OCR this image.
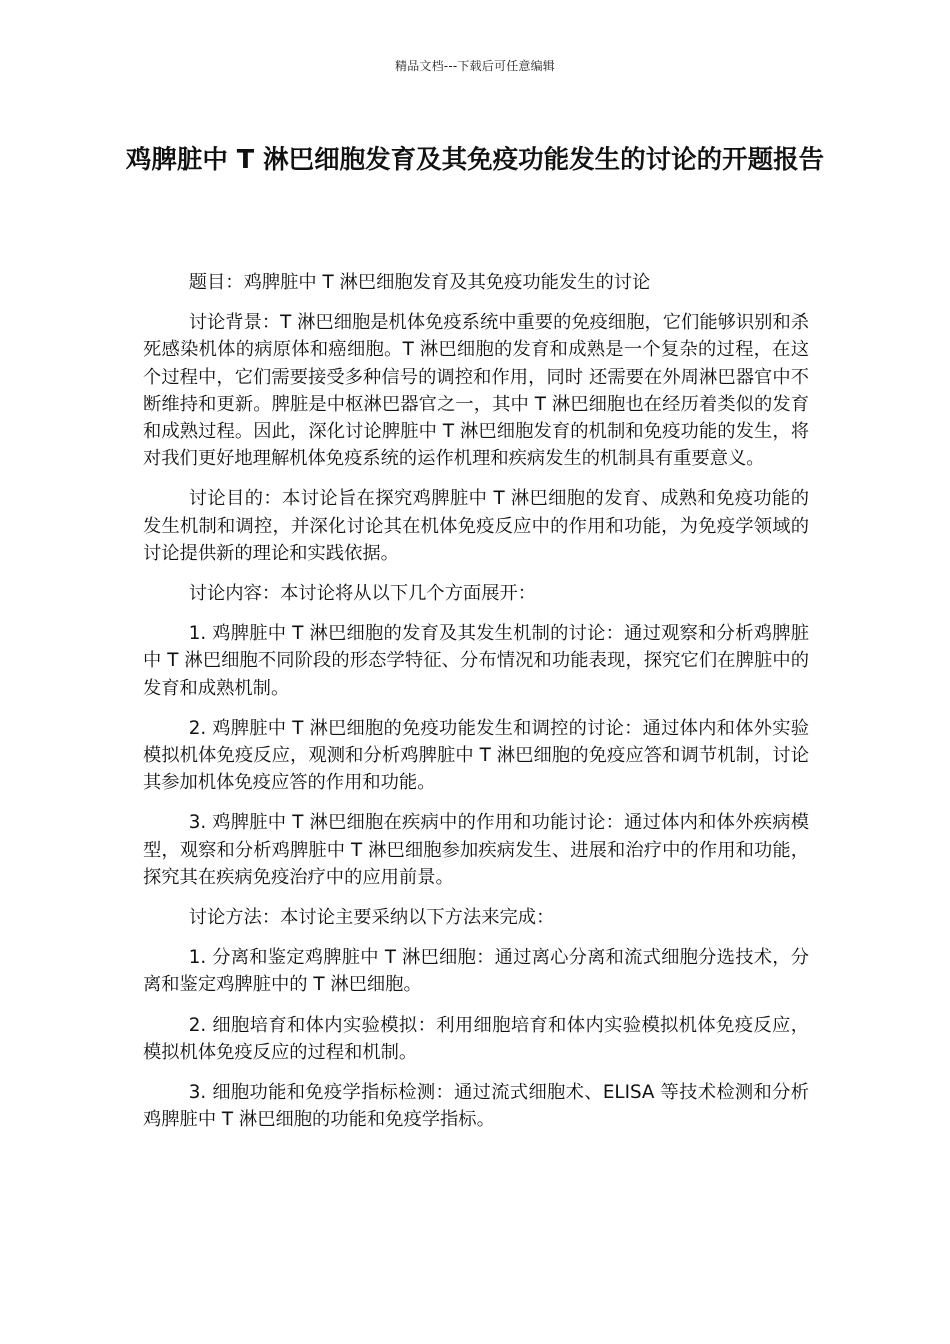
精品文档---下载后可任意编辑
鸡脾脏中 T 淋巴细胞发育及其免疫功能发生的讨论的开题报告

题目：鸡脾脏中 T 淋巴细胞发育及其免疫功能发生的讨论

讨论背景：T 淋巴细胞是机体免疫系统中重要的免疫细胞，它们能够识别和杀死感染机体的病原体和癌细胞。T 淋巴细胞的发育和成熟是一个复杂的过程，在这个过程中，它们需要接受多种信号的调控和作用，同时 还需要在外周淋巴器官中不断维持和更新。脾脏是中枢淋巴器官之一，其中 T 淋巴细胞也在经历着类似的发育和成熟过程。因此，深化讨论脾脏中 T 淋巴细胞发育的机制和免疫功能的发生，将对我们更好地理解机体免疫系统的运作机理和疾病发生的机制具有重要意义。

讨论目的：本讨论旨在探究鸡脾脏中 T 淋巴细胞的发育、成熟和免疫功能的发生机制和调控，并深化讨论其在机体免疫反应中的作用和功能，为免疫学领域的讨论提供新的理论和实践依据。

讨论内容：本讨论将从以下几个方面展开：

1. 鸡脾脏中 T 淋巴细胞的发育及其发生机制的讨论：通过观察和分析鸡脾脏中 T 淋巴细胞不同阶段的形态学特征、分布情况和功能表现，探究它们在脾脏中的发育和成熟机制。

2. 鸡脾脏中 T 淋巴细胞的免疫功能发生和调控的讨论：通过体内和体外实验模拟机体免疫反应，观测和分析鸡脾脏中 T 淋巴细胞的免疫应答和调节机制，讨论其参加机体免疫应答的作用和功能。

3. 鸡脾脏中 T 淋巴细胞在疾病中的作用和功能讨论：通过体内和体外疾病模型，观察和分析鸡脾脏中 T 淋巴细胞参加疾病发生、进展和治疗中的作用和功能，探究其在疾病免疫治疗中的应用前景。

讨论方法：本讨论主要采纳以下方法来完成：

1. 分离和鉴定鸡脾脏中 T 淋巴细胞：通过离心分离和流式细胞分选技术，分离和鉴定鸡脾脏中的 T 淋巴细胞。

2. 细胞培育和体内实验模拟：利用细胞培育和体内实验模拟机体免疫反应，模拟机体免疫反应的过程和机制。

3. 细胞功能和免疫学指标检测：通过流式细胞术、ELISA 等技术检测和分析鸡脾脏中 T 淋巴细胞的功能和免疫学指标。
